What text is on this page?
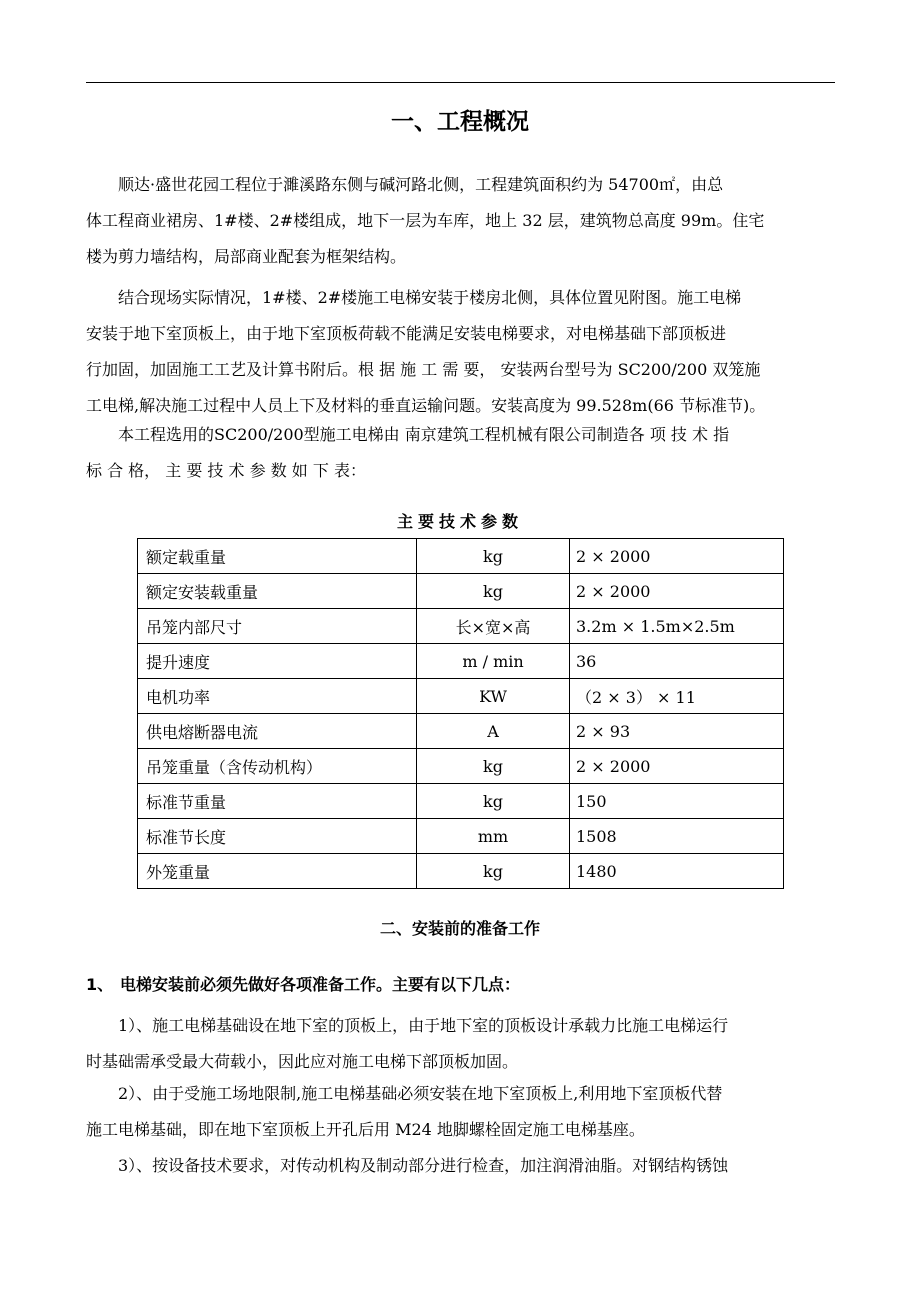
一、工程概况
　　顺达·盛世花园工程位于濉溪路东侧与碱河路北侧，工程建筑面积约为 54700㎡，由总
体工程商业裙房、1#楼、2#楼组成，地下一层为车库，地上 32 层，建筑物总高度 99m。住宅
楼为剪力墙结构，局部商业配套为框架结构。
　　结合现场实际情况，1#楼、2#楼施工电梯安装于楼房北侧，具体位置见附图。施工电梯
安装于地下室顶板上，由于地下室顶板荷载不能满足安装电梯要求，对电梯基础下部顶板进
行加固，加固施工工艺及计算书附后。根 据 施 工 需 要， 安装两台型号为 SC200/200 双笼施
工电梯,解决施工过程中人员上下及材料的垂直运输问题。安装高度为 99.528m(66 节标准节)。
　　本工程选用的SC200/200型施工电梯由 南京建筑工程机械有限公司制造各 项 技 术 指
标 合 格， 主 要 技 术 参 数 如 下 表：
主要技术参数
额定载重量	kg	2 × 2000
额定安装载重量	kg	2 × 2000
吊笼内部尺寸	长×宽×高	3.2m × 1.5m×2.5m
提升速度	m / min	36
电机功率	KW	（2 × 3） × 11
供电熔断器电流	A	2 × 93
吊笼重量（含传动机构）	kg	2 × 2000
标准节重量	kg	150
标准节长度	mm	1508
外笼重量	kg	1480
二、安装前的准备工作
1、 电梯安装前必须先做好各项准备工作。主要有以下几点：
　　1）、施工电梯基础设在地下室的顶板上，由于地下室的顶板设计承载力比施工电梯运行
时基础需承受最大荷载小，因此应对施工电梯下部顶板加固。
　　2）、由于受施工场地限制,施工电梯基础必须安装在地下室顶板上,利用地下室顶板代替
施工电梯基础，即在地下室顶板上开孔后用 M24 地脚螺栓固定施工电梯基座。
　　3）、按设备技术要求，对传动机构及制动部分进行检查，加注润滑油脂。对钢结构锈蚀
